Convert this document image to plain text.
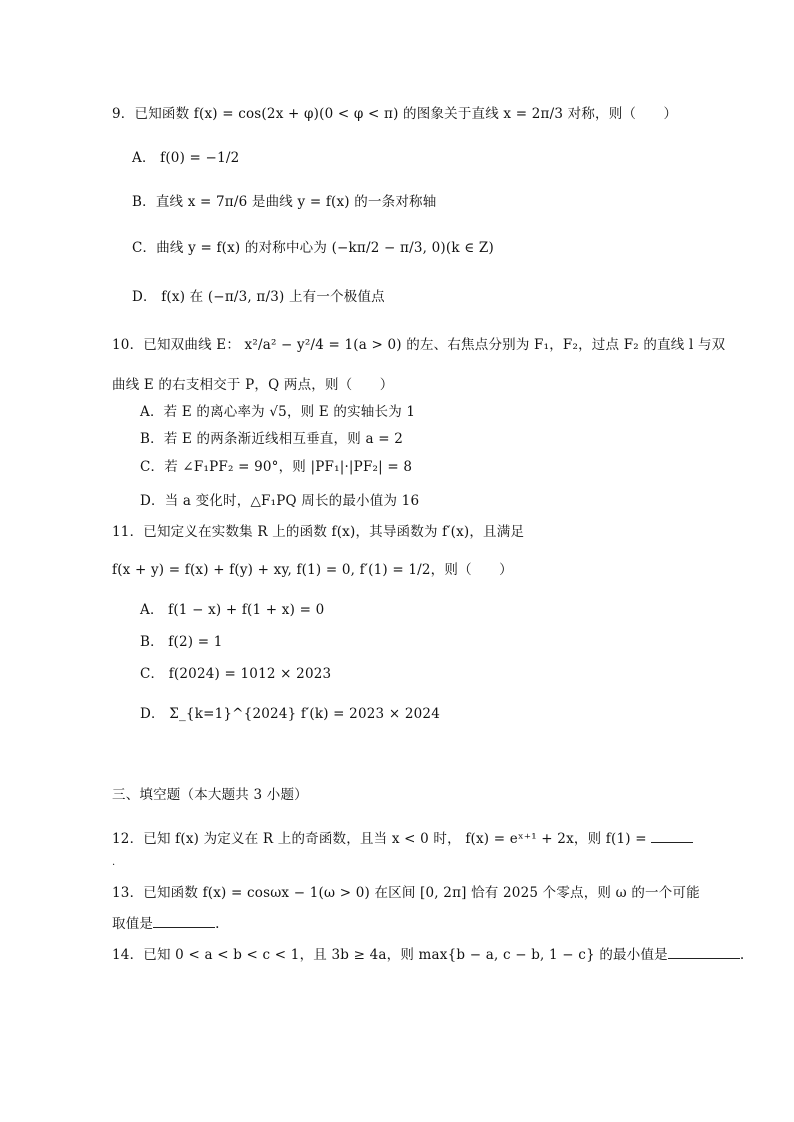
9．已知函数 f(x) = cos(2x + φ)(0 < φ < π) 的图象关于直线 x = 2π/3 对称，则（　　）
A． f(0) = −1/2
B．直线 x = 7π/6 是曲线 y = f(x) 的一条对称轴
C．曲线 y = f(x) 的对称中心为 (−kπ/2 − π/3, 0)(k ∈ Z)
D． f(x) 在 (−π/3, π/3) 上有一个极值点
10．已知双曲线 E： x²/a² − y²/4 = 1(a > 0) 的左、右焦点分别为 F₁，F₂，过点 F₂ 的直线 l 与双
曲线 E 的右支相交于 P，Q 两点，则（　　）
A．若 E 的离心率为 √5，则 E 的实轴长为 1
B．若 E 的两条渐近线相互垂直，则 a = 2
C．若 ∠F₁PF₂ = 90°，则 |PF₁|·|PF₂| = 8
D．当 a 变化时，△F₁PQ 周长的最小值为 16
11．已知定义在实数集 R 上的函数 f(x)，其导函数为 f′(x)，且满足
f(x + y) = f(x) + f(y) + xy, f(1) = 0, f′(1) = 1/2，则（　　）
A． f(1 − x) + f(1 + x) = 0
B． f(2) = 1
C． f(2024) = 1012 × 2023
D． Σ_{k=1}^{2024} f′(k) = 2023 × 2024
三、填空题（本大题共 3 小题）
12．已知 f(x) 为定义在 R 上的奇函数，且当 x < 0 时， f(x) = eˣ⁺¹ + 2x，则 f(1) =
.
13．已知函数 f(x) = cosωx − 1(ω > 0) 在区间 [0, 2π] 恰有 2025 个零点，则 ω 的一个可能
取值是	.
14．已知 0 < a < b < c < 1，且 3b ≥ 4a，则 max{b − a, c − b, 1 − c} 的最小值是	.
